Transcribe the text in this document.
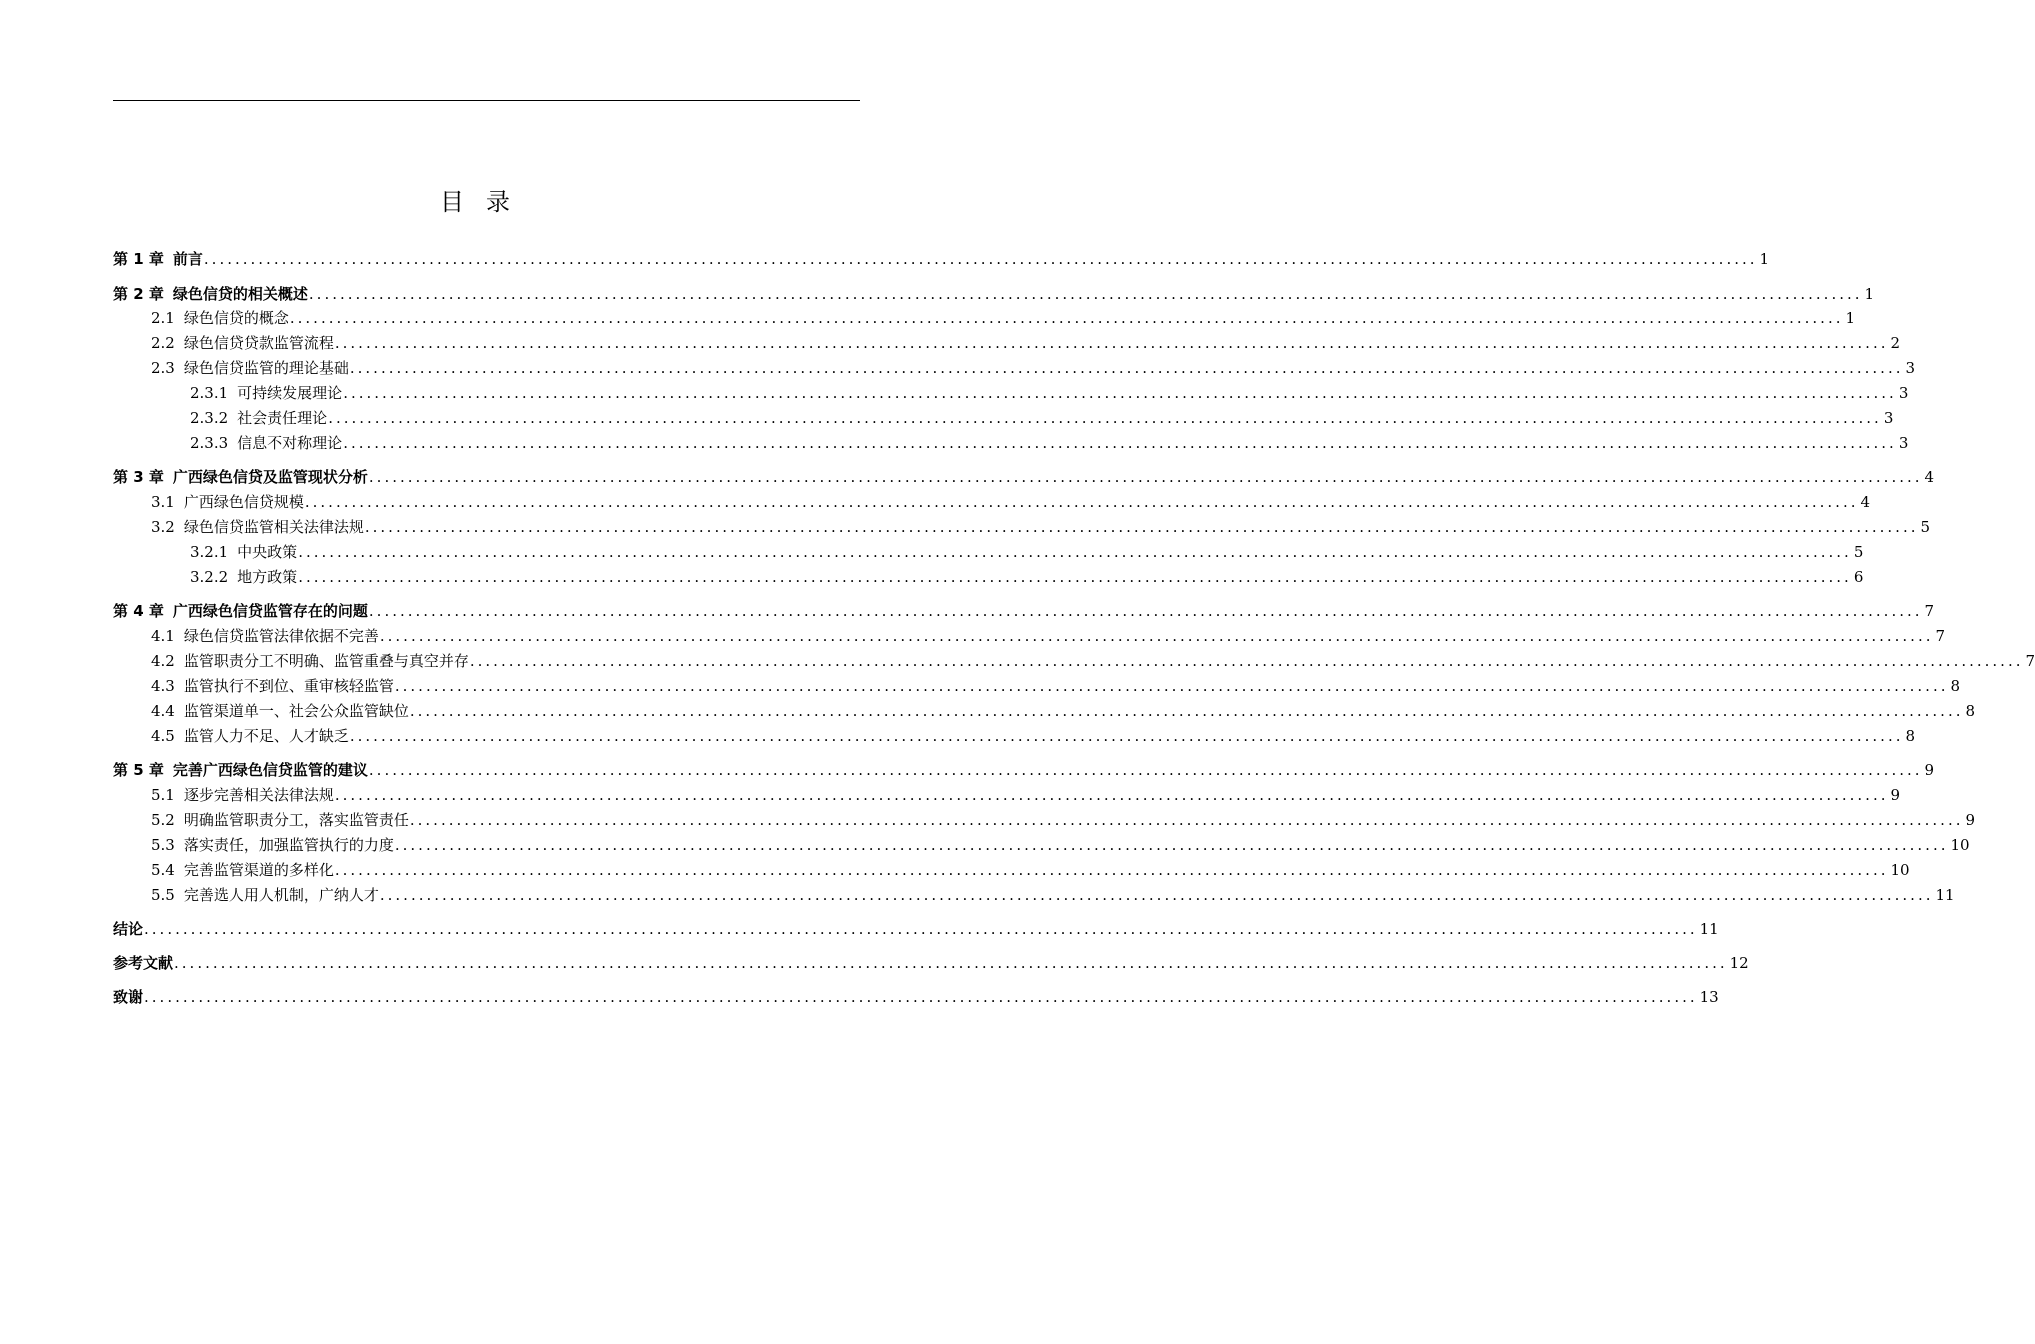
目录
第 1 章 前言 ........................................................................................................................................................................................................ 1
第 2 章 绿色信贷的相关概述 ........................................................................................................................................................................................................ 1
2.1 绿色信贷的概念 ........................................................................................................................................................................................................ 1
2.2 绿色信贷贷款监管流程 ........................................................................................................................................................................................................ 2
2.3 绿色信贷监管的理论基础 ........................................................................................................................................................................................................ 3
2.3.1 可持续发展理论 ........................................................................................................................................................................................................ 3
2.3.2 社会责任理论 ........................................................................................................................................................................................................ 3
2.3.3 信息不对称理论 ........................................................................................................................................................................................................ 3
第 3 章 广西绿色信贷及监管现状分析 ........................................................................................................................................................................................................ 4
3.1 广西绿色信贷规模 ........................................................................................................................................................................................................ 4
3.2 绿色信贷监管相关法律法规 ........................................................................................................................................................................................................ 5
3.2.1 中央政策 ........................................................................................................................................................................................................ 5
3.2.2 地方政策 ........................................................................................................................................................................................................ 6
第 4 章 广西绿色信贷监管存在的问题 ........................................................................................................................................................................................................ 7
4.1 绿色信贷监管法律依据不完善 ........................................................................................................................................................................................................ 7
4.2 监管职责分工不明确、监管重叠与真空并存 ........................................................................................................................................................................................................ 7
4.3 监管执行不到位、重审核轻监管 ........................................................................................................................................................................................................ 8
4.4 监管渠道单一、社会公众监管缺位 ........................................................................................................................................................................................................ 8
4.5 监管人力不足、人才缺乏 ........................................................................................................................................................................................................ 8
第 5 章 完善广西绿色信贷监管的建议 ........................................................................................................................................................................................................ 9
5.1 逐步完善相关法律法规 ........................................................................................................................................................................................................ 9
5.2 明确监管职责分工，落实监管责任 ........................................................................................................................................................................................................ 9
5.3 落实责任，加强监管执行的力度 ........................................................................................................................................................................................................ 10
5.4 完善监管渠道的多样化 ........................................................................................................................................................................................................ 10
5.5 完善选人用人机制，广纳人才 ........................................................................................................................................................................................................ 11
结论 ........................................................................................................................................................................................................ 11
参考文献 ........................................................................................................................................................................................................ 12
致谢 ........................................................................................................................................................................................................ 13
